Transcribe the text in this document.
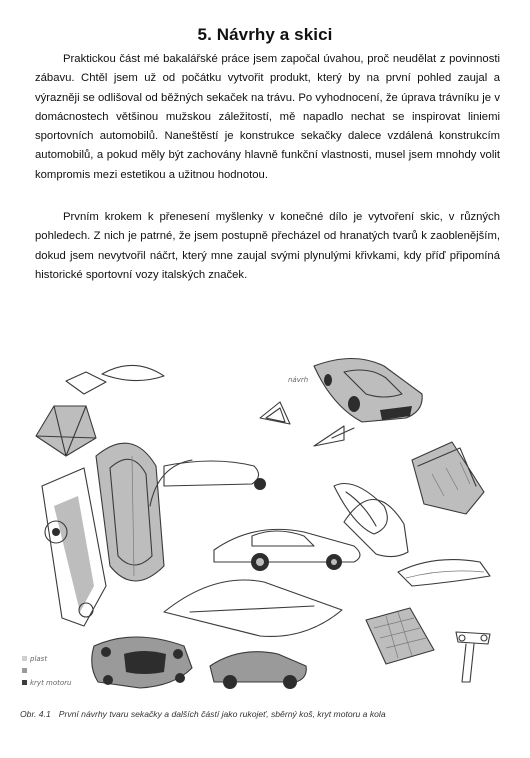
5. Návrhy a skici

Praktickou část mé bakalářské práce jsem započal úvahou, proč neudělat z povinnosti zábavu. Chtěl jsem už od počátku vytvořit produkt, který by na první pohled zaujal a výrazněji se odlišoval od běžných sekaček na trávu. Po vyhodnocení, že úprava trávníku je v domácnostech většinou mužskou záležitostí, mě napadlo nechat se inspirovat liniemi sportovních automobilů. Naneštěstí je konstrukce sekačky dalece vzdálená konstrukcím automobilů, a pokud měly být zachovány hlavně funkční vlastnosti, musel jsem mnohdy volit kompromis mezi estetikou a užitnou hodnotou.

Prvním krokem k přenesení myšlenky v konečné dílo je vytvoření skic, v různých pohledech. Z nich je patrné, že jsem postupně přecházel od hranatých tvarů k zaoblenějším, dokud jsem nevytvořil náčrt, který mne zaujal svými plynulými křivkami, kdy příď připomíná historické sportovní vozy italských značek.

návrh
plast
kryt motoru
Obr. 4.1 První návrhy tvaru sekačky a dalších částí jako rukojeť, sběrný koš, kryt motoru a kola
